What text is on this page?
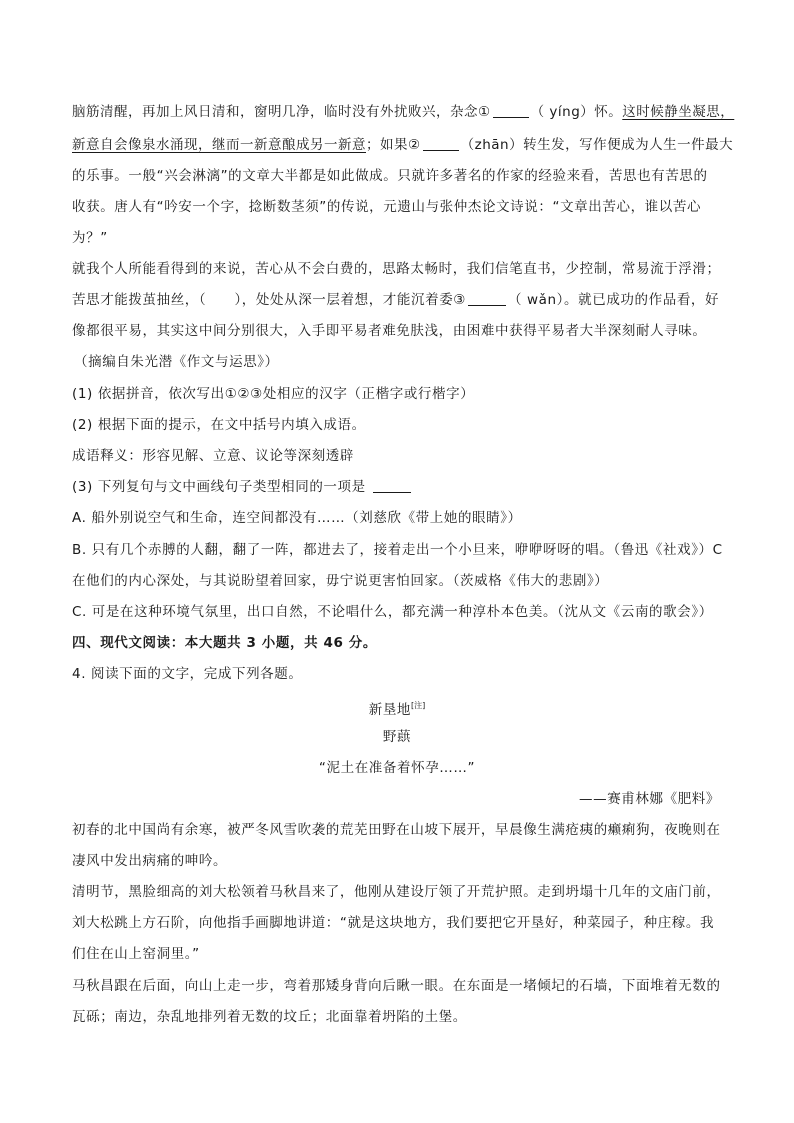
脑筋清醒，再加上风日清和，窗明几净，临时没有外扰败兴，杂念①	（ yíng）怀。这时候静坐凝思，

新意自会像泉水涌现，继而一新意酿成另一新意；如果②	（zhān）转生发，写作便成为人生一件最大

的乐事。一般“兴会淋漓”的文章大半都是如此做成。只就许多著名的作家的经验来看，苦思也有苦思的

收获。唐人有“吟安一个字，捻断数茎须”的传说，元遗山与张仲杰论文诗说：“文章出苦心，谁以苦心

为？”

就我个人所能看得到的来说，苦心从不会白费的，思路太畅时，我们信笔直书，少控制，常易流于浮滑；

苦思才能拨茧抽丝，（　　），处处从深一层着想，才能沉着委③	（ wǎn）。就已成功的作品看，好

像都很平易，其实这中间分别很大，入手即平易者难免肤浅，由困难中获得平易者大半深刻耐人寻味。

（摘编自朱光潜《作文与运思》）

(1) 依据拼音，依次写出①②③处相应的汉字（正楷字或行楷字）

(2) 根据下面的提示，在文中括号内填入成语。

成语释义：形容见解、立意、议论等深刻透辟

(3) 下列复句与文中画线句子类型相同的一项是

A. 船外别说空气和生命，连空间都没有……（刘慈欣《带上她的眼睛》）

B. 只有几个赤膊的人翻，翻了一阵，都进去了，接着走出一个小旦来，咿咿呀呀的唱。（鲁迅《社戏》）C

在他们的内心深处，与其说盼望着回家，毋宁说更害怕回家。（茨威格《伟大的悲剧》）

C. 可是在这种环境气氛里，出口自然，不论唱什么，都充满一种淳朴本色美。（沈从文《云南的歌会》）

四、现代文阅读：本大题共 3 小题，共 46 分。

4. 阅读下面的文字，完成下列各题。

新垦地[注]

野蕻

“泥土在准备着怀孕……”

——赛甫林娜《肥料》

初春的北中国尚有余寒，被严冬风雪吹袭的荒芜田野在山坡下展开，早晨像生满疮痍的癞痢狗，夜晚则在

凄风中发出病痛的呻吟。

清明节，黑脸细高的刘大松领着马秋昌来了，他刚从建设厅领了开荒护照。走到坍塌十几年的文庙门前，

刘大松跳上方石阶，向他指手画脚地讲道：“就是这块地方，我们要把它开垦好，种菜园子，种庄稼。我

们住在山上窑洞里。”

马秋昌跟在后面，向山上走一步，弯着那矮身背向后瞅一眼。在东面是一堵倾圮的石墙，下面堆着无数的

瓦砾；南边，杂乱地排列着无数的坟丘；北面靠着坍陷的土堡。
